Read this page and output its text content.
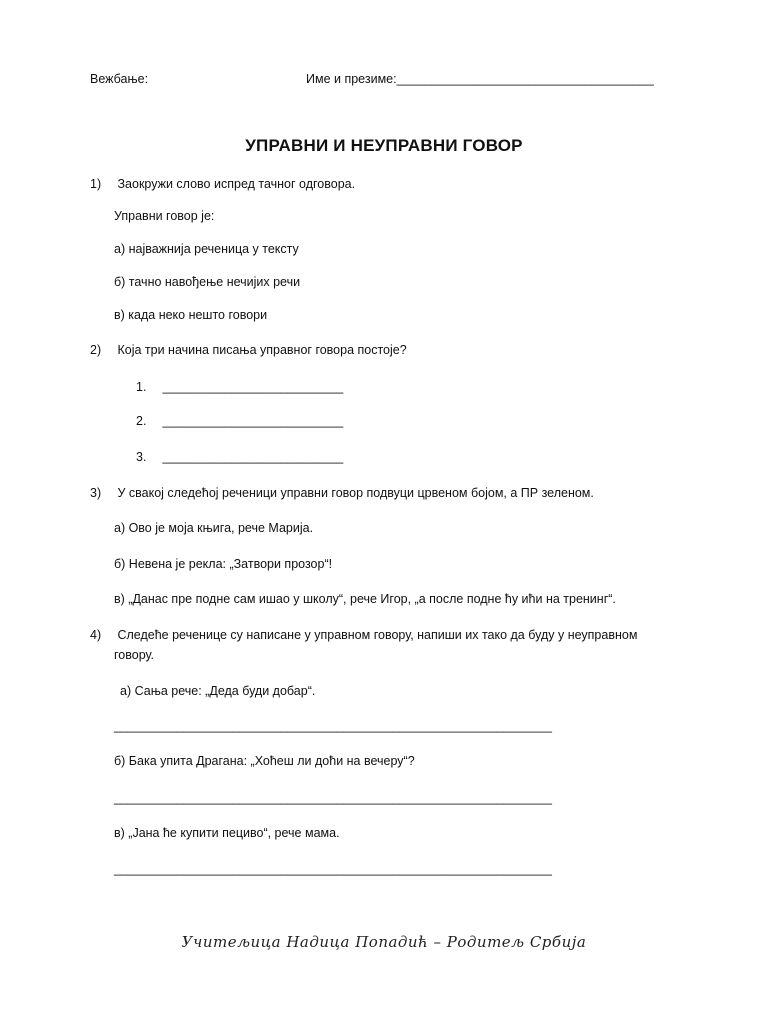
Вежбање:	Име и презиме:_____________________________________
УПРАВНИ И НЕУПРАВНИ ГОВОР
1) Заокружи слово испред тачног одговора.
Управни говор је:
а) најважнија реченица у тексту
б) тачно навођење нечијих речи
в) када неко нешто говори
2) Која три начина писања управног говора постоје?
1. __________________________
2. __________________________
3. __________________________
3) У свакој следећој реченици управни говор подвуци црвеном бојом, а ПР зеленом.
а) Ово је моја књига, рече Марија.
б) Невена је рекла: „Затвори прозор“!
в) „Данас пре подне сам ишао у школу“, рече Игор, „а после подне ћу ићи на тренинг“.
4) Следеће реченице су написане у управном говору, напиши их тако да буду у неуправном
говору.
а) Сања рече: „Деда буди добар“.
_______________________________________________________________
б) Бака упита Драгана: „Хоћеш ли доћи на вечеру“?
_______________________________________________________________
в) „Јана ће купити пециво“, рече мама.
_______________________________________________________________
Учитељица Надица Попадић – Родитељ Србија
